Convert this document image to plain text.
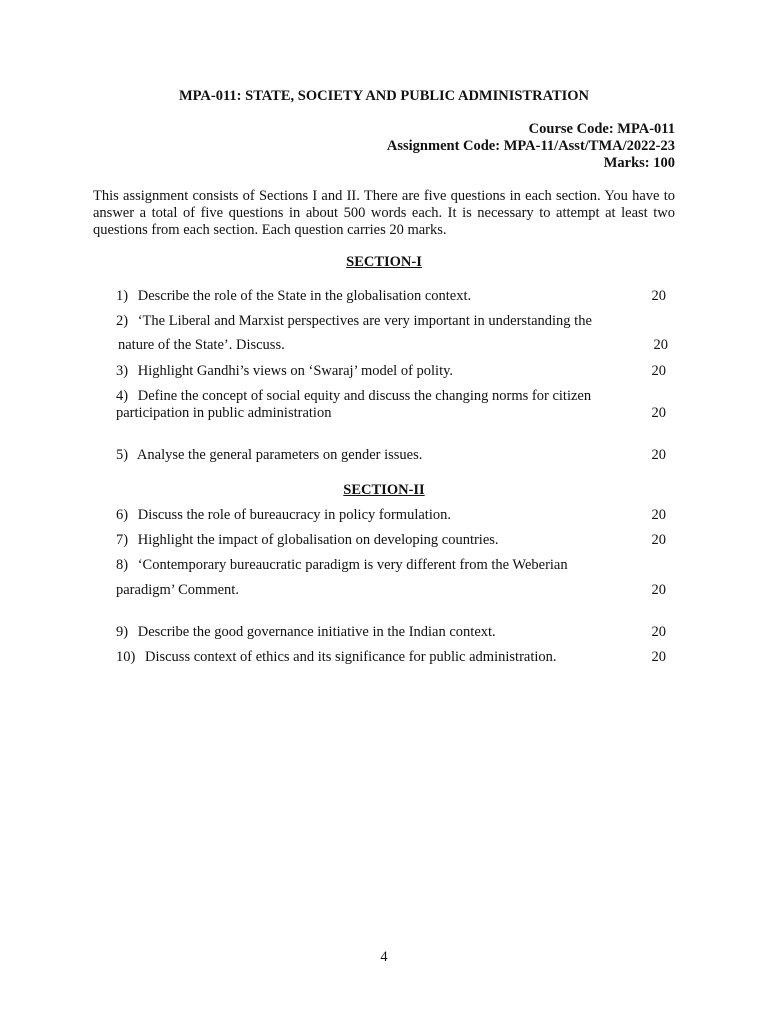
MPA-011: STATE, SOCIETY AND PUBLIC ADMINISTRATION
Course Code: MPA-011
Assignment Code: MPA-11/Asst/TMA/2022-23
Marks: 100
This assignment consists of Sections I and II. There are five questions in each section. You have to answer a total of five questions in about 500 words each. It is necessary to attempt at least two questions from each section. Each question carries 20 marks.
SECTION-I
1) Describe the role of the State in the globalisation context.	20
2) ‘The Liberal and Marxist perspectives are very important in understanding the
nature of the State’. Discuss.	20
3) Highlight Gandhi’s views on ‘Swaraj’ model of polity.	20
4) Define the concept of social equity and discuss the changing norms for citizen
participation in public administration	20
5) Analyse the general parameters on gender issues.	20
SECTION-II
6) Discuss the role of bureaucracy in policy formulation.	20
7) Highlight the impact of globalisation on developing countries.	20
8) ‘Contemporary bureaucratic paradigm is very different from the Weberian
paradigm’ Comment.	20
9) Describe the good governance initiative in the Indian context.	20
10) Discuss context of ethics and its significance for public administration.	20
4
